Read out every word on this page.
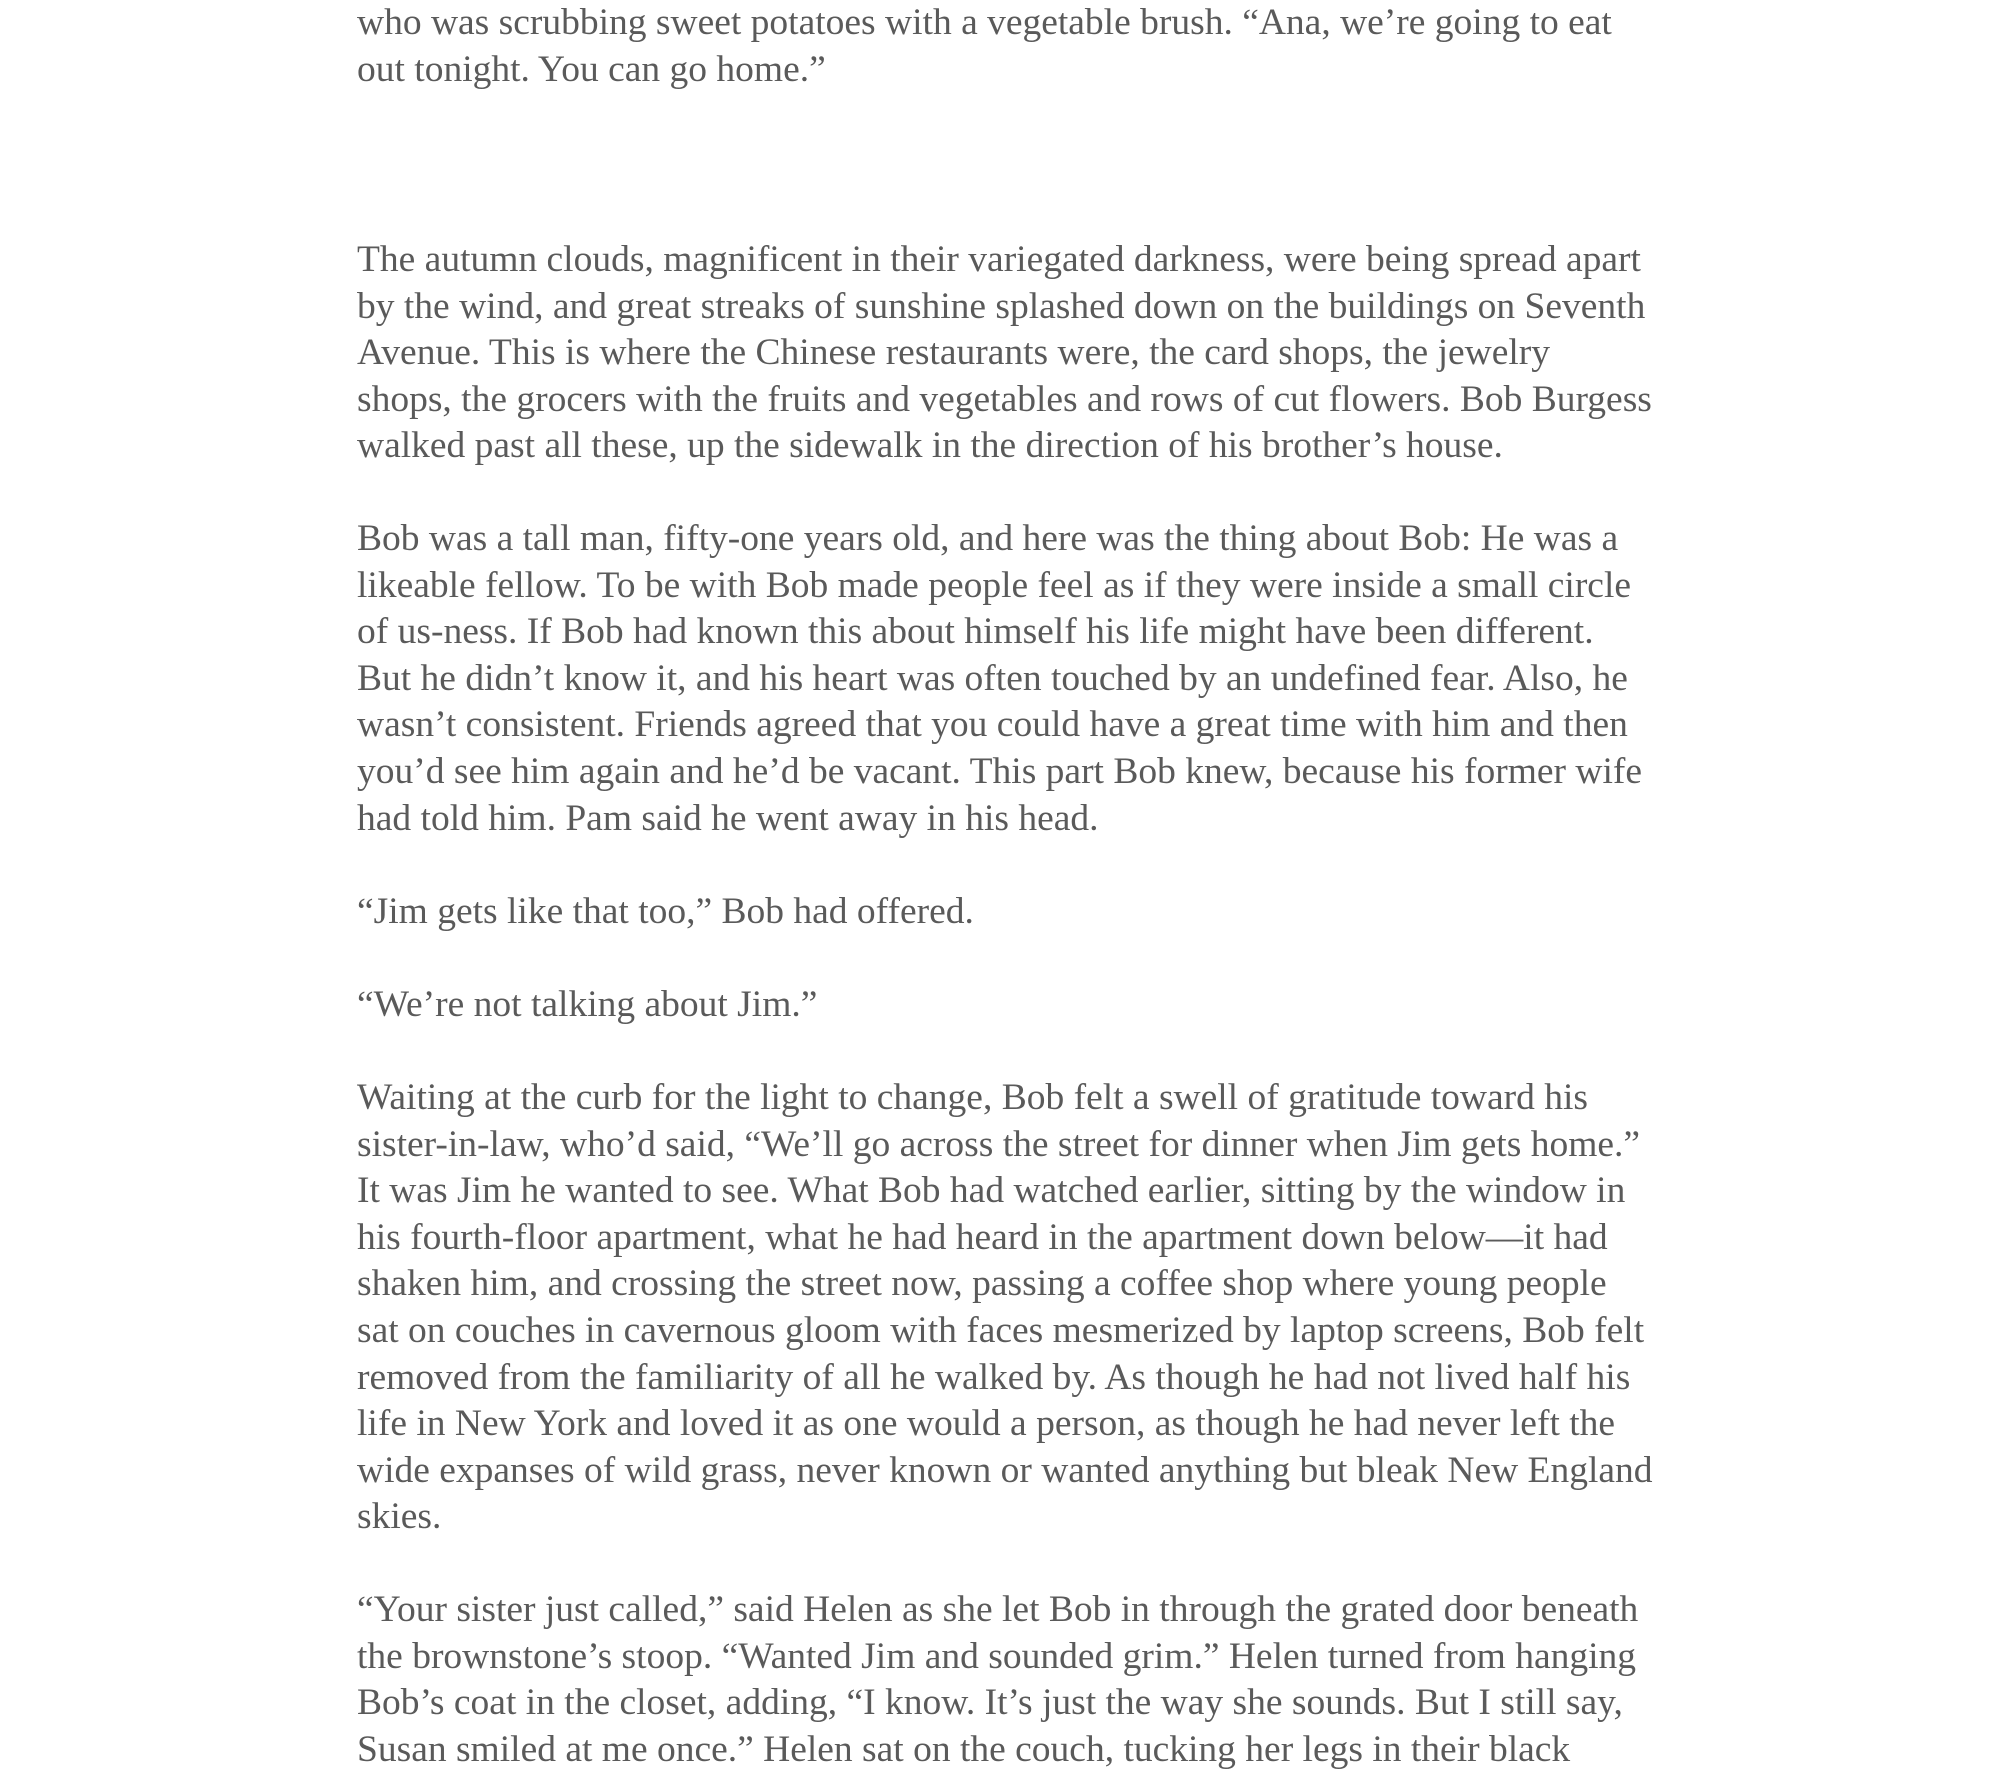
who was scrubbing sweet potatoes with a vegetable brush. “Ana, we’re going to eat
out tonight. You can go home.”

The autumn clouds, magnificent in their variegated darkness, were being spread apart
by the wind, and great streaks of sunshine splashed down on the buildings on Seventh
Avenue. This is where the Chinese restaurants were, the card shops, the jewelry
shops, the grocers with the fruits and vegetables and rows of cut flowers. Bob Burgess
walked past all these, up the sidewalk in the direction of his brother’s house.

Bob was a tall man, fifty-one years old, and here was the thing about Bob: He was a
likeable fellow. To be with Bob made people feel as if they were inside a small circle
of us-ness. If Bob had known this about himself his life might have been different.
But he didn’t know it, and his heart was often touched by an undefined fear. Also, he
wasn’t consistent. Friends agreed that you could have a great time with him and then
you’d see him again and he’d be vacant. This part Bob knew, because his former wife
had told him. Pam said he went away in his head.

“Jim gets like that too,” Bob had offered.

“We’re not talking about Jim.”

Waiting at the curb for the light to change, Bob felt a swell of gratitude toward his
sister-in-law, who’d said, “We’ll go across the street for dinner when Jim gets home.”
It was Jim he wanted to see. What Bob had watched earlier, sitting by the window in
his fourth-floor apartment, what he had heard in the apartment down below—it had
shaken him, and crossing the street now, passing a coffee shop where young people
sat on couches in cavernous gloom with faces mesmerized by laptop screens, Bob felt
removed from the familiarity of all he walked by. As though he had not lived half his
life in New York and loved it as one would a person, as though he had never left the
wide expanses of wild grass, never known or wanted anything but bleak New England
skies.

“Your sister just called,” said Helen as she let Bob in through the grated door beneath
the brownstone’s stoop. “Wanted Jim and sounded grim.” Helen turned from hanging
Bob’s coat in the closet, adding, “I know. It’s just the way she sounds. But I still say,
Susan smiled at me once.” Helen sat on the couch, tucking her legs in their black
